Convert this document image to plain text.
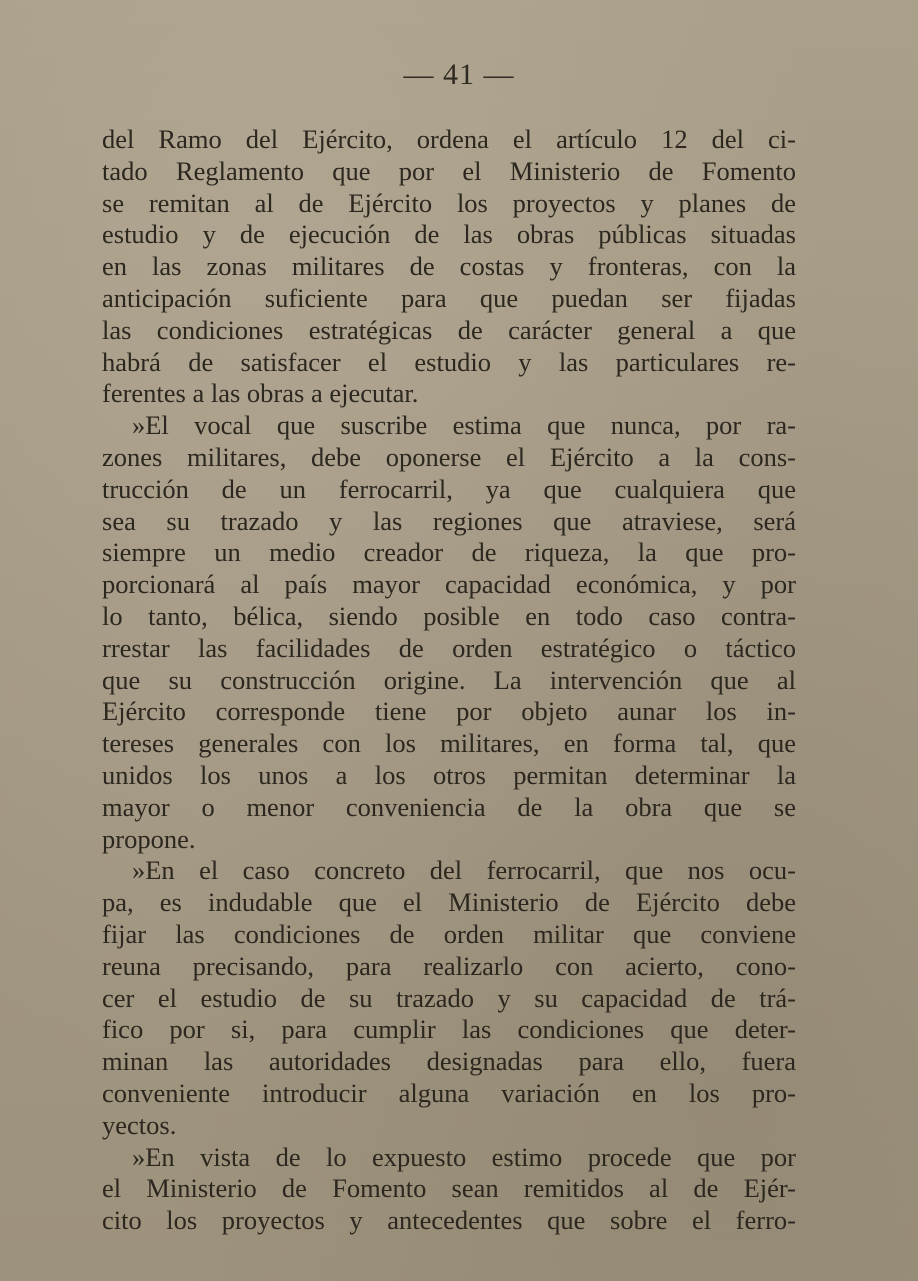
— 41 —
del Ramo del Ejército, ordena el artículo 12 del ci-
tado Reglamento que por el Ministerio de Fomento
se remitan al de Ejército los proyectos y planes de
estudio y de ejecución de las obras públicas situadas
en las zonas militares de costas y fronteras, con la
anticipación suficiente para que puedan ser fijadas
las condiciones estratégicas de carácter general a que
habrá de satisfacer el estudio y las particulares re-
ferentes a las obras a ejecutar.
»El vocal que suscribe estima que nunca, por ra-
zones militares, debe oponerse el Ejército a la cons-
trucción de un ferrocarril, ya que cualquiera que
sea su trazado y las regiones que atraviese, será
siempre un medio creador de riqueza, la que pro-
porcionará al país mayor capacidad económica, y por
lo tanto, bélica, siendo posible en todo caso contra-
rrestar las facilidades de orden estratégico o táctico
que su construcción origine. La intervención que al
Ejército corresponde tiene por objeto aunar los in-
tereses generales con los militares, en forma tal, que
unidos los unos a los otros permitan determinar la
mayor o menor conveniencia de la obra que se
propone.
»En el caso concreto del ferrocarril, que nos ocu-
pa, es indudable que el Ministerio de Ejército debe
fijar las condiciones de orden militar que conviene
reuna precisando, para realizarlo con acierto, cono-
cer el estudio de su trazado y su capacidad de trá-
fico por si, para cumplir las condiciones que deter-
minan las autoridades designadas para ello, fuera
conveniente introducir alguna variación en los pro-
yectos.
»En vista de lo expuesto estimo procede que por
el Ministerio de Fomento sean remitidos al de Ejér-
cito los proyectos y antecedentes que sobre el ferro-
